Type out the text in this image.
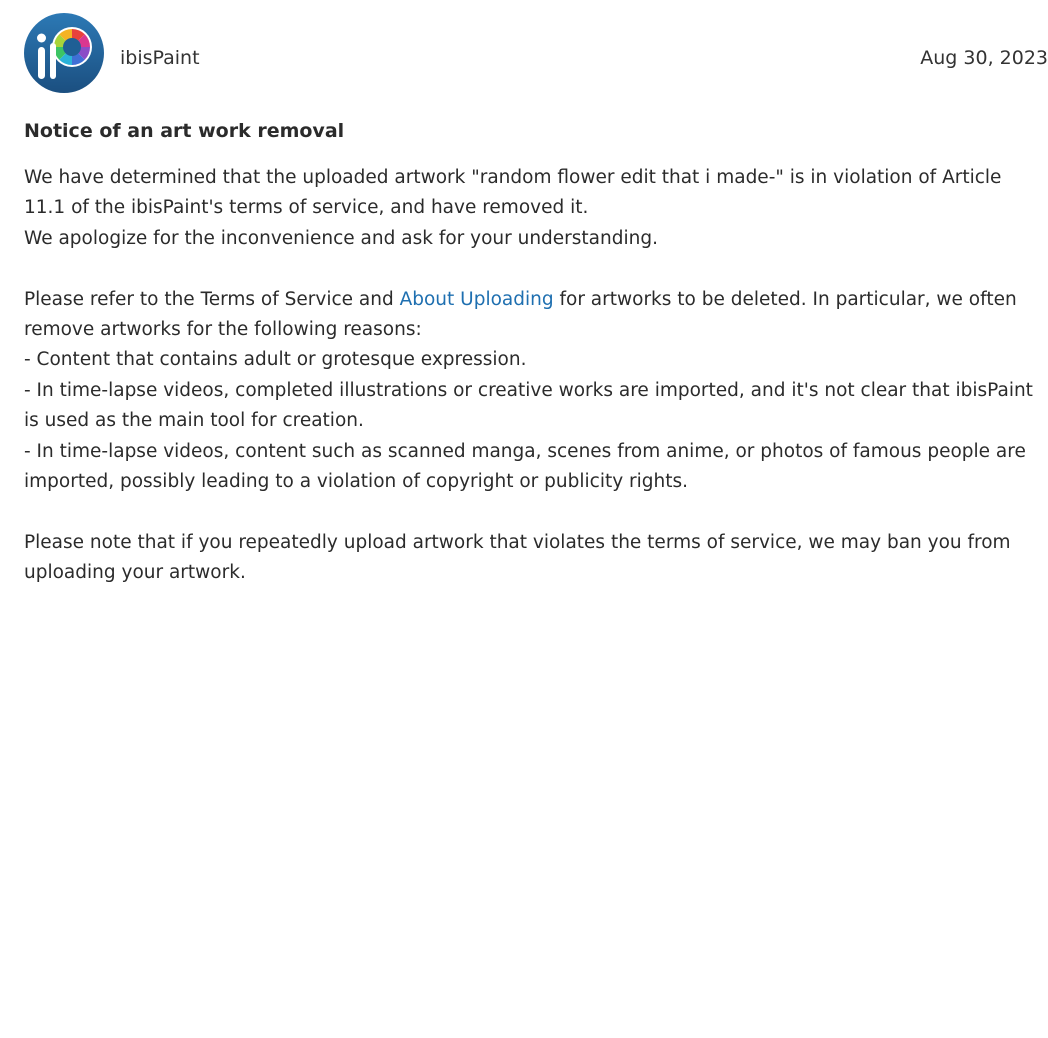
ibisPaint	Aug 30, 2023
Notice of an art work removal

We have determined that the uploaded artwork "random flower edit that i made-" is in violation of Article 11.1 of the ibisPaint's terms of service, and have removed it.

We apologize for the inconvenience and ask for your understanding.

Please refer to the Terms of Service and About Uploading for artworks to be deleted. In particular, we often remove artworks for the following reasons:

- Content that contains adult or grotesque expression.

- In time-lapse videos, completed illustrations or creative works are imported, and it's not clear that ibisPaint is used as the main tool for creation.

- In time-lapse videos, content such as scanned manga, scenes from anime, or photos of famous people are imported, possibly leading to a violation of copyright or publicity rights.

Please note that if you repeatedly upload artwork that violates the terms of service, we may ban you from uploading your artwork.
